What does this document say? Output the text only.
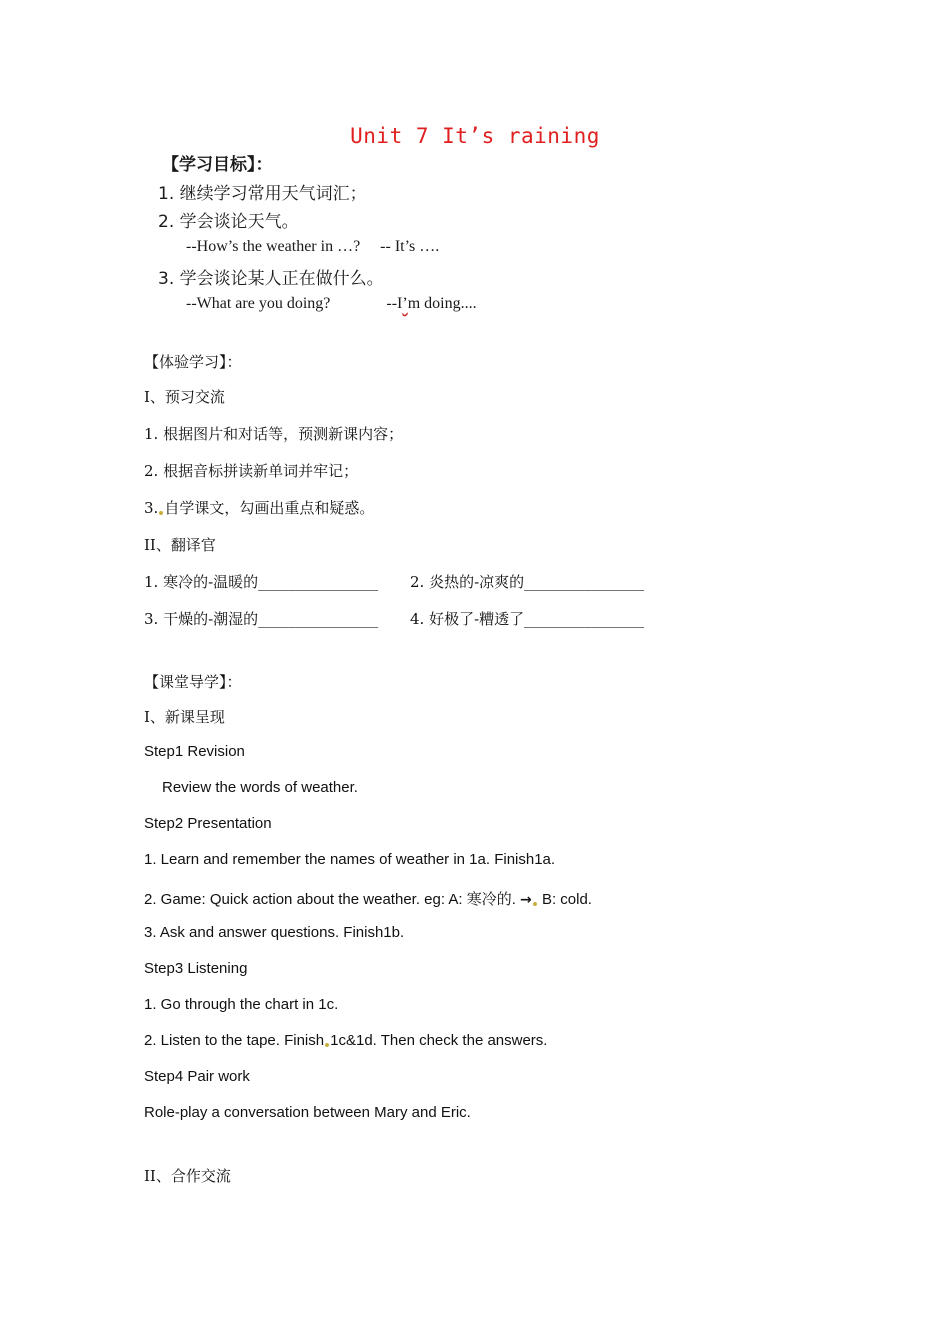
Unit 7 It’s raining
【学习目标】：
1. 继续学习常用天气词汇；
2. 学会谈论天气。
--How’s the weather in …? -- It’s ….
3. 学会谈论某人正在做什么。
--What are you doing?	--I’m doing....
【体验学习】：
I、预习交流
1. 根据图片和对话等，预测新课内容；
2. 根据音标拼读新单词并牢记；
3. 自学课文，勾画出重点和疑惑。
II、翻译官
1. 寒冷的-温暖的________________ 2. 炎热的-凉爽的________________
3. 干燥的-潮湿的________________ 4. 好极了-糟透了________________
【课堂导学】：
I、新课呈现
Step1 Revision
Review the words of weather.
Step2 Presentation
1. Learn and remember the names of weather in 1a. Finish1a.
2. Game: Quick action about the weather. eg: A: 寒冷的. → B: cold.
3. Ask and answer questions. Finish1b.
Step3 Listening
1. Go through the chart in 1c.
2. Listen to the tape. Finish 1c&1d. Then check the answers.
Step4 Pair work
Role-play a conversation between Mary and Eric.
II、合作交流
